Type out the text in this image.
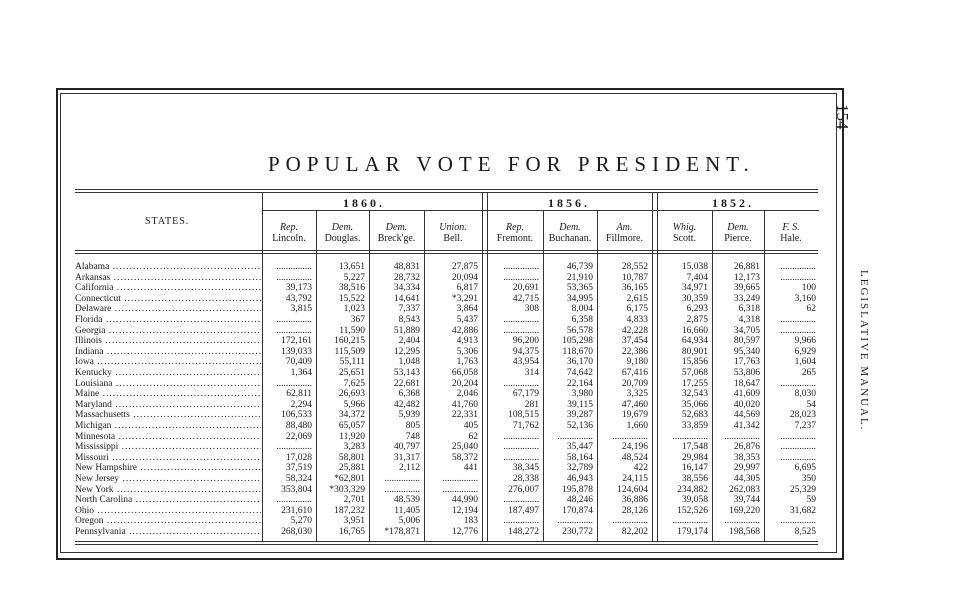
154
LEGISLATIVE MANUAL.
POPULAR VOTE FOR PRESIDENT.
STATES.
1860.	1856.	1852.
Rep.
Lincoln.
Dem.
Douglas.
Dem.
Breck'ge.
Union.
Bell.
Rep.
Fremont.
Dem.
Buchanan.
Am.
Fillmore.
Whig.
Scott.
Dem.
Pierce.
F. S.
Hale.
Alabama .....	...............	13,651	48,831	27,875	...............	46,739	28,552	15,038	26,881	...............
Arkansas .....	...............	5,227	28,732	20,094	...............	21,910	10,787	7,404	12,173	...............
California .....	39,173	38,516	34,334	6,817	20,691	53,365	36,165	34,971	39,665	100
Connecticut .....	43,792	15,522	14,641	*3,291	42,715	34,995	2,615	30,359	33,249	3,160
Delaware .....	3,815	1,023	7,337	3,864	308	8,004	6,175	6,293	6,318	62
Florida .....	...............	367	8,543	5,437	...............	6,358	4,833	2,875	4,318	...............
Georgia .....	...............	11,590	51,889	42,886	...............	56,578	42,228	16,660	34,705	...............
Illinois .....	172,161	160,215	2,404	4,913	96,200	105,298	37,454	64,934	80,597	9,966
Indiana .....	139,033	115,509	12,295	5,306	94,375	118,670	22,386	80,901	95,340	6,929
Iowa .....	70,409	55,111	1,048	1,763	43,954	36,170	9,180	15,856	17,763	1,604
Kentucky .....	1,364	25,651	53,143	66,058	314	74,642	67,416	57,068	53,806	265
Louisiana .....	...............	7,625	22,681	20,204	...............	22,164	20,709	17,255	18,647	...............
Maine .....	62,811	26,693	6,368	2,046	67,179	3,980	3,325	32,543	41,609	8,030
Maryland .....	2,294	5,966	42,482	41,760	281	39,115	47,460	35,066	40,020	54
Massachusetts .....	106,533	34,372	5,939	22,331	108,515	39,287	19,679	52,683	44,569	28,023
Michigan .....	88,480	65,057	805	405	71,762	52,136	1,660	33,859	41,342	7,237
Minnesota .....	22,069	11,920	748	62	...............	...............	...............	...............	...............	...............
Mississippi .....	...............	3,283	40,797	25,040	...............	35,447	24,196	17,548	26,876	...............
Missouri .....	17,028	58,801	31,317	58,372	...............	58,164	48,524	29,984	38,353	...............
New Hampshire .....	37,519	25,881	2,112	441	38,345	32,789	422	16,147	29,997	6,695
New Jersey .....	58,324	*62,801	...............	...............	28,338	46,943	24,115	38,556	44,305	350
New York .....	353,804	*303,329	...............	...............	276,007	195,878	124,604	234,882	262,083	25,329
North Carolina .....	...............	2,701	48,539	44,990	...............	48,246	36,886	39,058	39,744	59
Ohio .....	231,610	187,232	11,405	12,194	187,497	170,874	28,126	152,526	169,220	31,682
Oregon .....	5,270	3,951	5,006	183	...............	...............	...............	...............	...............	...............
Pennsylvania .....	268,030	16,765	*178,871	12,776	148,272	230,772	82,202	179,174	198,568	8,525
